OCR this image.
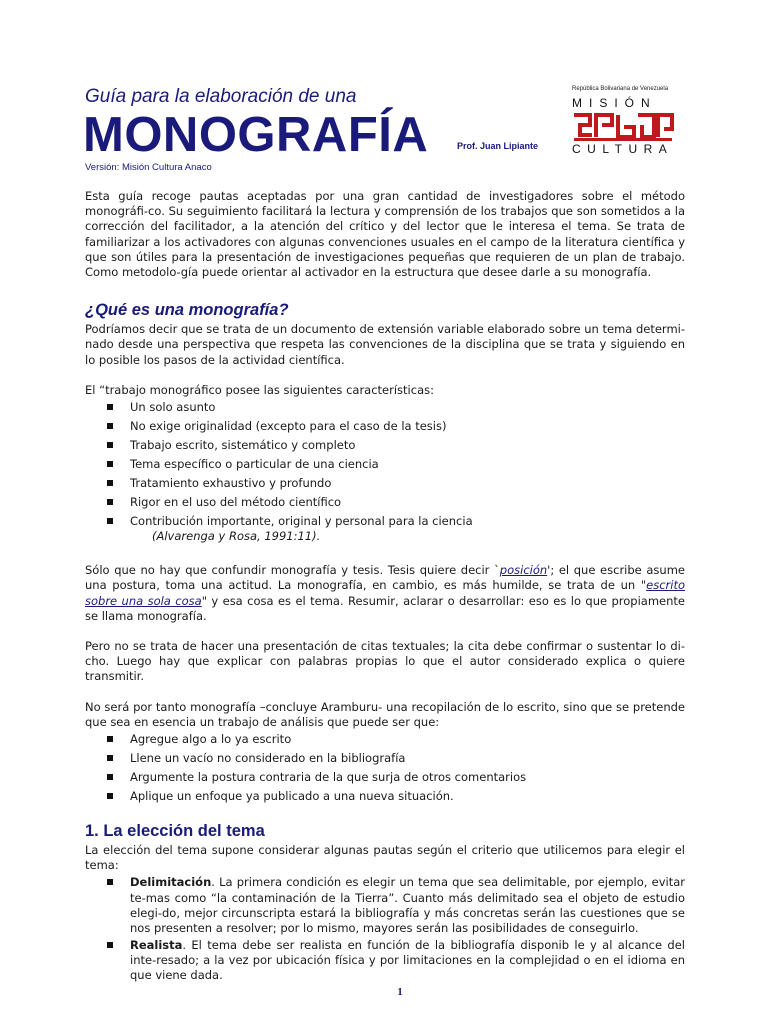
Guía para la elaboración de una
MONOGRAFÍA	Prof. Juan Lipiante
Versión: Misión Cultura Anaco
República Bolivariana de Venezuela
MISIÓN
CULTURA

Esta guía recoge pautas aceptadas por una gran cantidad de investigadores sobre el método monográfi-co. Su seguimiento facilitará la lectura y comprensión de los trabajos que son sometidos a la corrección del facilitador, a la atención del crítico y del lector que le interesa el tema. Se trata de familiarizar a los activadores con algunas convenciones usuales en el campo de la literatura científica y que son útiles para la presentación de investigaciones pequeñas que requieren de un plan de trabajo. Como metodolo-gía puede orientar al activador en la estructura que desee darle a su monografía.

¿Qué es una monografía?

Podríamos decir que se trata de un documento de extensión variable elaborado sobre un tema determi-nado desde una perspectiva que respeta las convenciones de la disciplina que se trata y siguiendo en lo posible los pasos de la actividad científica.

El “trabajo monográfico posee las siguientes características:

Un solo asunto
No exige originalidad (excepto para el caso de la tesis)
Trabajo escrito, sistemático y completo
Tema específico o particular de una ciencia
Tratamiento exhaustivo y profundo
Rigor en el uso del método científico
Contribución importante, original y personal para la ciencia
(Alvarenga y Rosa, 1991:11).

Sólo que no hay que confundir monografía y tesis. Tesis quiere decir `posición'; el que escribe asume una postura, toma una actitud. La monografía, en cambio, es más humilde, se trata de un "escrito sobre una sola cosa" y esa cosa es el tema. Resumir, aclarar o desarrollar: eso es lo que propiamente se llama monografía.

Pero no se trata de hacer una presentación de citas textuales; la cita debe confirmar o sustentar lo di-cho. Luego hay que explicar con palabras propias lo que el autor considerado explica o quiere transmitir.

No será por tanto monografía –concluye Aramburu- una recopilación de lo escrito, sino que se pretende que sea en esencia un trabajo de análisis que puede ser que:

Agregue algo a lo ya escrito
Llene un vacío no considerado en la bibliografía
Argumente la postura contraria de la que surja de otros comentarios
Aplique un enfoque ya publicado a una nueva situación.
1. La elección del tema

La elección del tema supone considerar algunas pautas según el criterio que utilicemos para elegir el tema:

Delimitación. La primera condición es elegir un tema que sea delimitable, por ejemplo, evitar te-mas como “la contaminación de la Tierra”. Cuanto más delimitado sea el objeto de estudio elegi-do, mejor circunscripta estará la bibliografía y más concretas serán las cuestiones que se nos presenten a resolver; por lo mismo, mayores serán las posibilidades de conseguirlo.
Realista. El tema debe ser realista en función de la bibliografía disponib le y al alcance del inte-resado; a la vez por ubicación física y por limitaciones en la complejidad o en el idioma en que viene dada.
1
